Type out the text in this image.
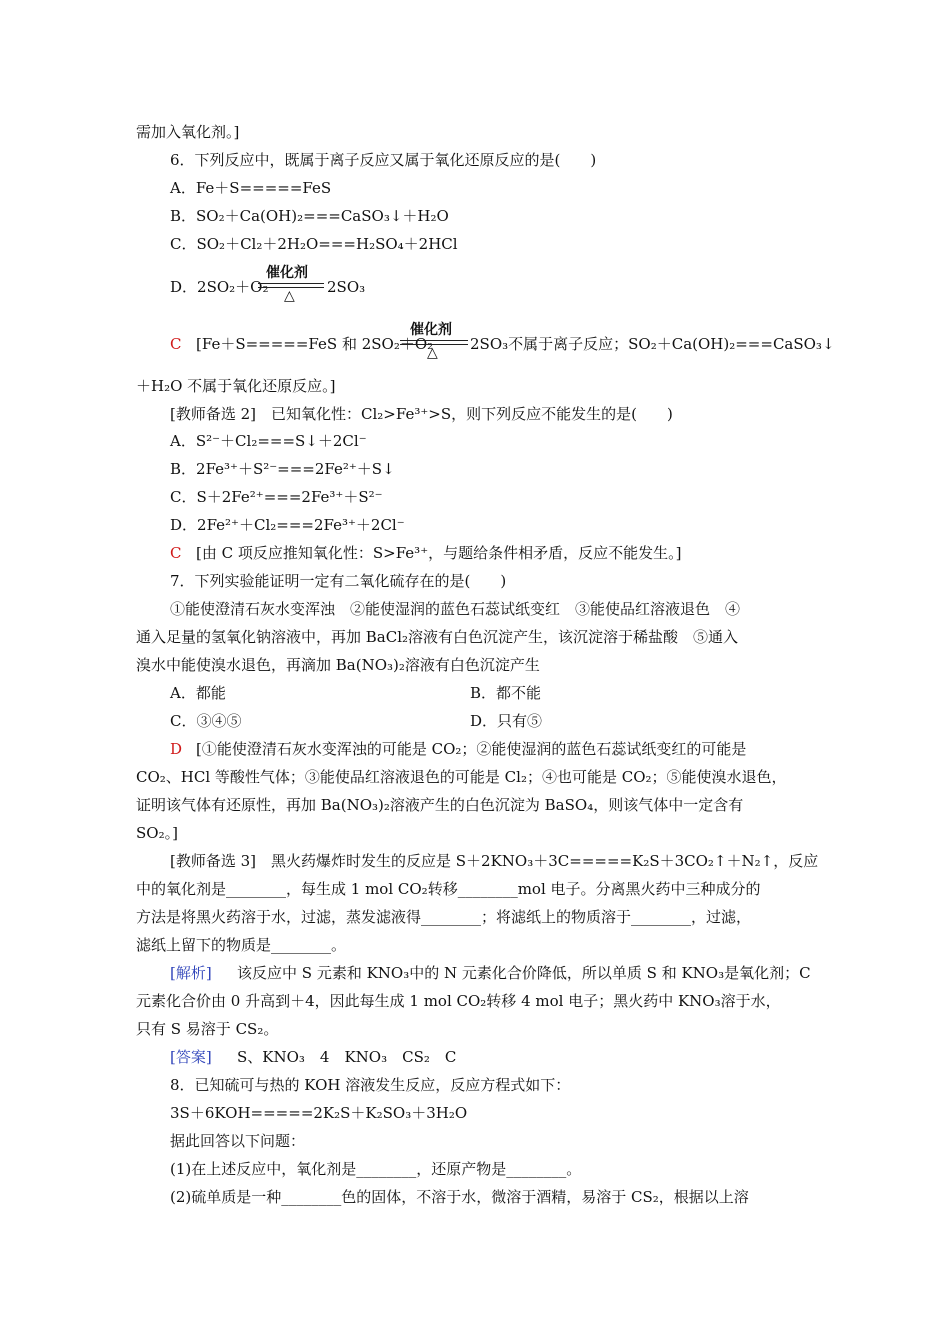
需加入氧化剂。]
6．下列反应中，既属于离子反应又属于氧化还原反应的是(　　)
A．Fe＋S=====FeS
B．SO₂＋Ca(OH)₂===CaSO₃↓＋H₂O
C．SO₂＋Cl₂＋2H₂O===H₂SO₄＋2HCl
D．2SO₂＋O₂
催化剂
△ 2SO₃
C [Fe＋S=====FeS 和 2SO₂＋O₂
催化剂
△ 2SO₃不属于离子反应；SO₂＋Ca(OH)₂===CaSO₃↓
＋H₂O 不属于氧化还原反应。]
[教师备选 2]　已知氧化性：Cl₂>Fe³⁺>S，则下列反应不能发生的是(　　)
A．S²⁻＋Cl₂===S↓＋2Cl⁻
B．2Fe³⁺＋S²⁻===2Fe²⁺＋S↓
C．S＋2Fe²⁺===2Fe³⁺＋S²⁻
D．2Fe²⁺＋Cl₂===2Fe³⁺＋2Cl⁻
C [由 C 项反应推知氧化性：S>Fe³⁺，与题给条件相矛盾，反应不能发生。]
7．下列实验能证明一定有二氧化硫存在的是(　　)
①能使澄清石灰水变浑浊　②能使湿润的蓝色石蕊试纸变红　③能使品红溶液退色　④
通入足量的氢氧化钠溶液中，再加 BaCl₂溶液有白色沉淀产生，该沉淀溶于稀盐酸　⑤通入
溴水中能使溴水退色，再滴加 Ba(NO₃)₂溶液有白色沉淀产生
A．都能	B．都不能
C．③④⑤	D．只有⑤
D [①能使澄清石灰水变浑浊的可能是 CO₂；②能使湿润的蓝色石蕊试纸变红的可能是
CO₂、HCl 等酸性气体；③能使品红溶液退色的可能是 Cl₂；④也可能是 CO₂；⑤能使溴水退色，
证明该气体有还原性，再加 Ba(NO₃)₂溶液产生的白色沉淀为 BaSO₄，则该气体中一定含有
SO₂。]
[教师备选 3]　黑火药爆炸时发生的反应是 S＋2KNO₃＋3C=====K₂S＋3CO₂↑＋N₂↑，反应
中的氧化剂是________，每生成 1 mol CO₂转移________mol 电子。分离黑火药中三种成分的
方法是将黑火药溶于水，过滤，蒸发滤液得________；将滤纸上的物质溶于________，过滤，
滤纸上留下的物质是________。
[解析] 　该反应中 S 元素和 KNO₃中的 N 元素化合价降低，所以单质 S 和 KNO₃是氧化剂；C
元素化合价由 0 升高到＋4，因此每生成 1 mol CO₂转移 4 mol 电子；黑火药中 KNO₃溶于水，
只有 S 易溶于 CS₂。
[答案] 　S、KNO₃　4　KNO₃　CS₂　C
8．已知硫可与热的 KOH 溶液发生反应，反应方程式如下：
3S＋6KOH=====2K₂S＋K₂SO₃＋3H₂O
据此回答以下问题：
(1)在上述反应中，氧化剂是________，还原产物是________。
(2)硫单质是一种________色的固体，不溶于水，微溶于酒精，易溶于 CS₂，根据以上溶
